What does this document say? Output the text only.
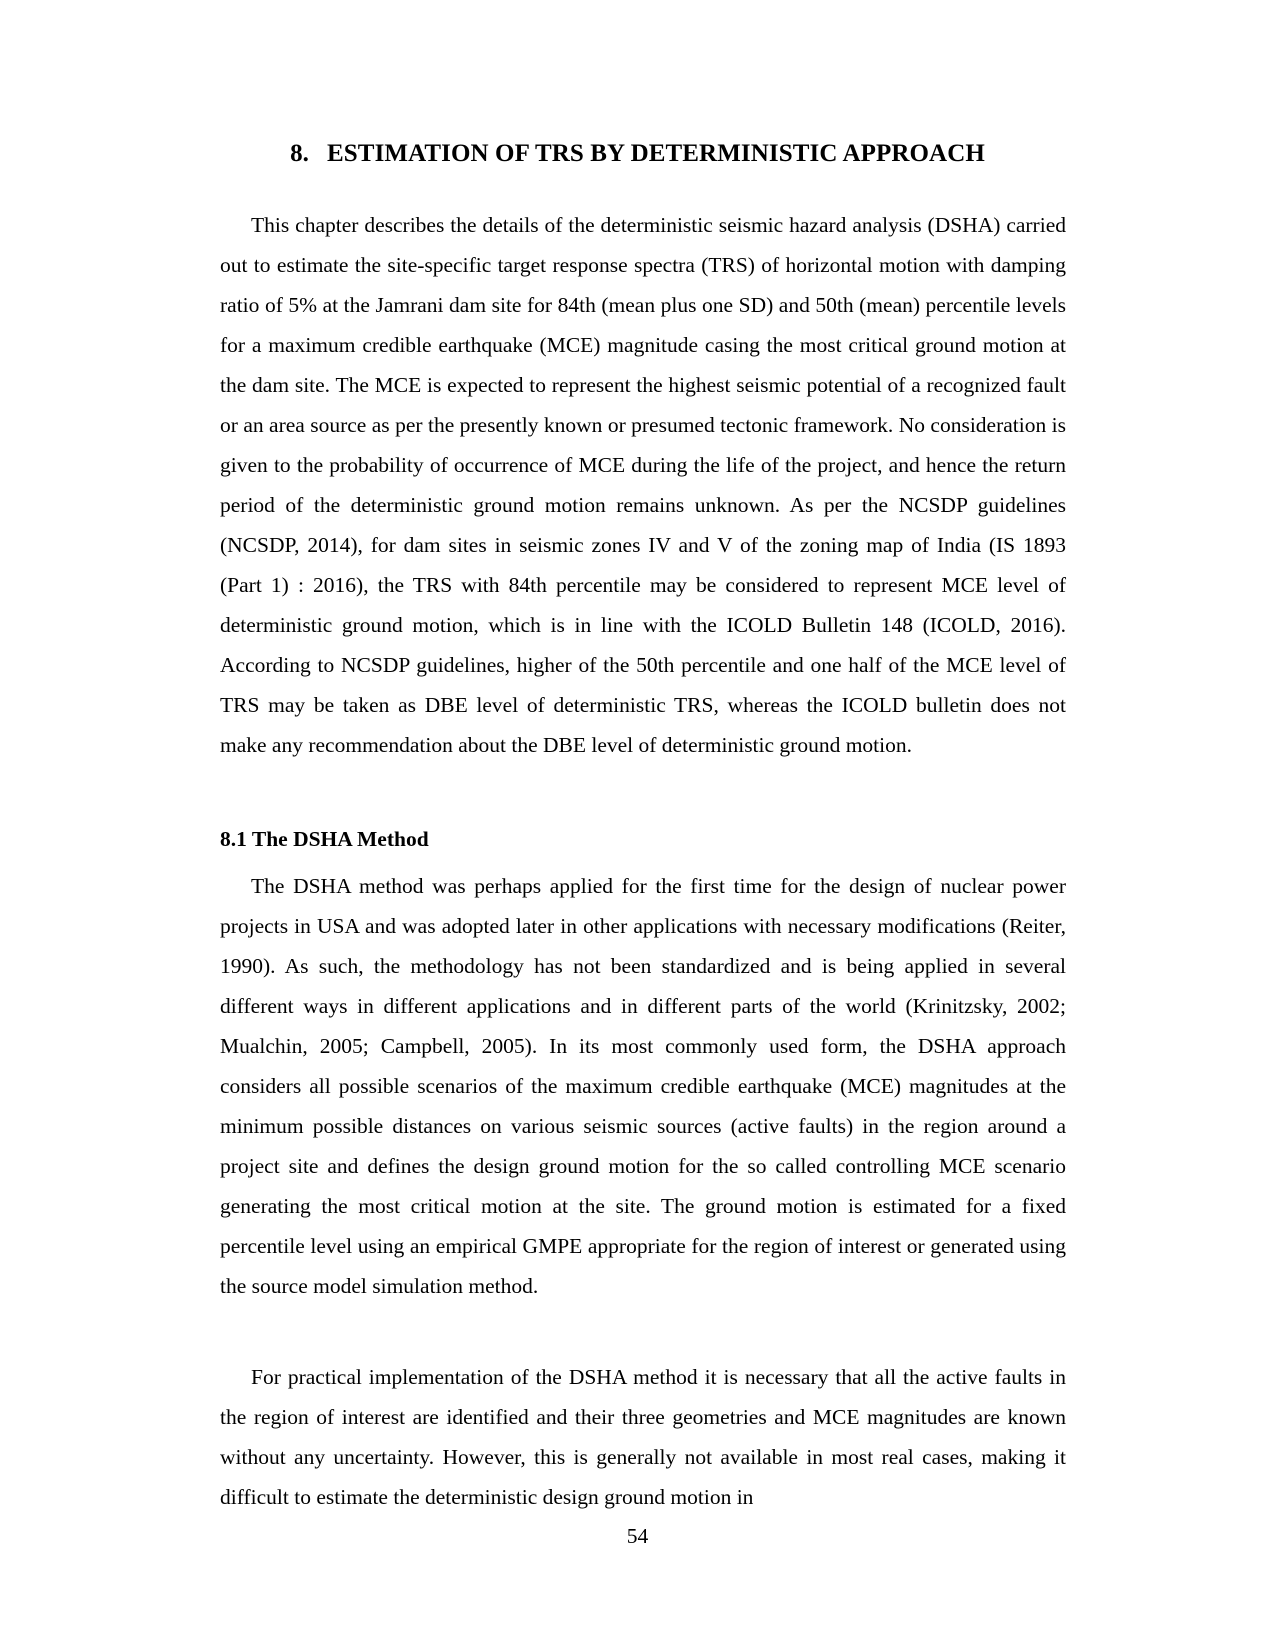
8. ESTIMATION OF TRS BY DETERMINISTIC APPROACH

This chapter describes the details of the deterministic seismic hazard analysis (DSHA) carried out to estimate the site-specific target response spectra (TRS) of horizontal motion with damping ratio of 5% at the Jamrani dam site for 84th (mean plus one SD) and 50th (mean) percentile levels for a maximum credible earthquake (MCE) magnitude casing the most critical ground motion at the dam site. The MCE is expected to represent the highest seismic potential of a recognized fault or an area source as per the presently known or presumed tectonic framework. No consideration is given to the probability of occurrence of MCE during the life of the project, and hence the return period of the deterministic ground motion remains unknown. As per the NCSDP guidelines (NCSDP, 2014), for dam sites in seismic zones IV and V of the zoning map of India (IS 1893 (Part 1) : 2016), the TRS with 84th percentile may be considered to represent MCE level of deterministic ground motion, which is in line with the ICOLD Bulletin 148 (ICOLD, 2016). According to NCSDP guidelines, higher of the 50th percentile and one half of the MCE level of TRS may be taken as DBE level of deterministic TRS, whereas the ICOLD bulletin does not make any recommendation about the DBE level of deterministic ground motion.

8.1 The DSHA Method

The DSHA method was perhaps applied for the first time for the design of nuclear power projects in USA and was adopted later in other applications with necessary modifications (Reiter, 1990). As such, the methodology has not been standardized and is being applied in several different ways in different applications and in different parts of the world (Krinitzsky, 2002; Mualchin, 2005; Campbell, 2005). In its most commonly used form, the DSHA approach considers all possible scenarios of the maximum credible earthquake (MCE) magnitudes at the minimum possible distances on various seismic sources (active faults) in the region around a project site and defines the design ground motion for the so called controlling MCE scenario generating the most critical motion at the site. The ground motion is estimated for a fixed percentile level using an empirical GMPE appropriate for the region of interest or generated using the source model simulation method.

For practical implementation of the DSHA method it is necessary that all the active faults in the region of interest are identified and their three geometries and MCE magnitudes are known without any uncertainty. However, this is generally not available in most real cases, making it difficult to estimate the deterministic design ground motion in

54
